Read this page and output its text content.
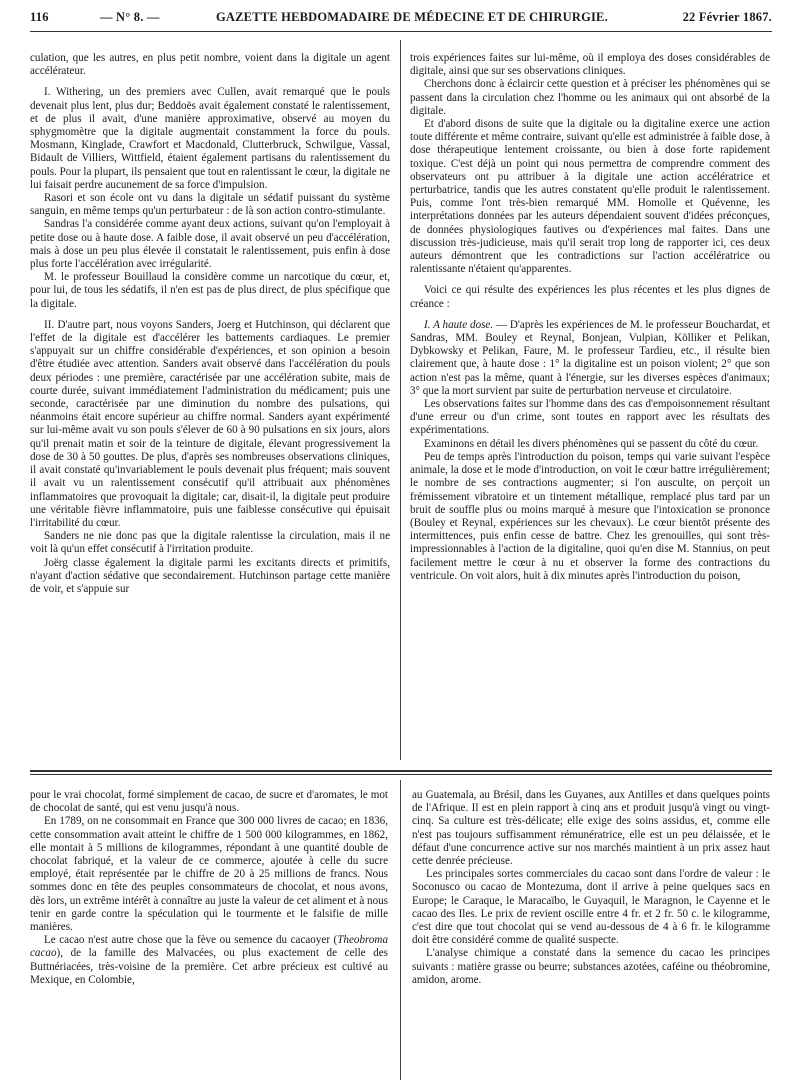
116	— N° 8. —	GAZETTE HEBDOMADAIRE DE MÉDECINE ET DE CHIRURGIE.	22 Février 1867.

culation, que les autres, en plus petit nombre, voient dans la digitale un agent accélérateur.

I. Withering, un des premiers avec Cullen, avait remarqué que le pouls devenait plus lent, plus dur; Beddoës avait également constaté le ralentissement, et de plus il avait, d'une manière approximative, observé au moyen du sphygmomètre que la digitale augmentait constamment la force du pouls. Mosmann, Kinglade, Crawfort et Macdonald, Clutterbruck, Schwilgue, Vassal, Bidault de Villiers, Wittfield, étaient également partisans du ralentissement du pouls. Pour la plupart, ils pensaient que tout en ralentissant le cœur, la digitale ne lui faisait perdre aucunement de sa force d'impulsion.

Rasori et son école ont vu dans la digitale un sédatif puissant du système sanguin, en même temps qu'un perturbateur : de là son action contro-stimulante.

Sandras l'a considérée comme ayant deux actions, suivant qu'on l'employait à petite dose ou à haute dose. A faible dose, il avait observé un peu d'accélération, mais à dose un peu plus élevée il constatait le ralentissement, puis enfin à dose plus forte l'accélération avec irrégularité.

M. le professeur Bouillaud la considère comme un narcotique du cœur, et, pour lui, de tous les sédatifs, il n'en est pas de plus direct, de plus spécifique que la digitale.

II. D'autre part, nous voyons Sanders, Joerg et Hutchinson, qui déclarent que l'effet de la digitale est d'accélérer les battements cardiaques. Le premier s'appuyait sur un chiffre considérable d'expériences, et son opinion a besoin d'être étudiée avec attention. Sanders avait observé dans l'accélération du pouls deux périodes : une première, caractérisée par une accélération subite, mais de courte durée, suivant immédiatement l'administration du médicament; puis une seconde, caractérisée par une diminution du nombre des pulsations, qui néanmoins était encore supérieur au chiffre normal. Sanders ayant expérimenté sur lui-même avait vu son pouls s'élever de 60 à 90 pulsations en six jours, alors qu'il prenait matin et soir de la teinture de digitale, élevant progressivement la dose de 30 à 50 gouttes. De plus, d'après ses nombreuses observations cliniques, il avait constaté qu'invariablement le pouls devenait plus fréquent; mais souvent il avait vu un ralentissement consécutif qu'il attribuait aux phénomènes inflammatoires que provoquait la digitale; car, disait-il, la digitale peut produire une véritable fièvre inflammatoire, puis une faiblesse consécutive qui épuisait l'irritabilité du cœur.

Sanders ne nie donc pas que la digitale ralentisse la circulation, mais il ne voit là qu'un effet consécutif à l'irritation produite.

Joërg classe également la digitale parmi les excitants directs et primitifs, n'ayant d'action sédative que secondairement. Hutchinson partage cette manière de voir, et s'appuie sur

trois expériences faites sur lui-même, où il employa des doses considérables de digitale, ainsi que sur ses observations cliniques.

Cherchons donc à éclaircir cette question et à préciser les phénomènes qui se passent dans la circulation chez l'homme ou les animaux qui ont absorbé de la digitale.

Et d'abord disons de suite que la digitale ou la digitaline exerce une action toute différente et même contraire, suivant qu'elle est administrée à faible dose, à dose thérapeutique lentement croissante, ou bien à dose forte rapidement toxique. C'est déjà un point qui nous permettra de comprendre comment des observateurs ont pu attribuer à la digitale une action accélératrice et perturbatrice, tandis que les autres constatent qu'elle produit le ralentissement. Puis, comme l'ont très-bien remarqué MM. Homolle et Quévenne, les interprétations données par les auteurs dépendaient souvent d'idées préconçues, de données physiologiques fautives ou d'expériences mal faites. Dans une discussion très-judicieuse, mais qu'il serait trop long de rapporter ici, ces deux auteurs démontrent que les contradictions sur l'action accélératrice ou ralentissante n'étaient qu'apparentes.

Voici ce qui résulte des expériences les plus récentes et les plus dignes de créance :

I. A haute dose. — D'après les expériences de M. le professeur Bouchardat, et Sandras, MM. Bouley et Reynal, Bonjean, Vulpian, Kölliker et Pelikan, Dybkowsky et Pelikan, Faure, M. le professeur Tardieu, etc., il résulte bien clairement que, à haute dose : 1° la digitaline est un poison violent; 2° que son action n'est pas la même, quant à l'énergie, sur les diverses espèces d'animaux; 3° que la mort survient par suite de perturbation nerveuse et circulatoire.

Les observations faites sur l'homme dans des cas d'empoisonnement résultant d'une erreur ou d'un crime, sont toutes en rapport avec les résultats des expérimentations.

Examinons en détail les divers phénomènes qui se passent du côté du cœur.

Peu de temps après l'introduction du poison, temps qui varie suivant l'espèce animale, la dose et le mode d'introduction, on voit le cœur battre irrégulièrement; le nombre de ses contractions augmenter; si l'on ausculte, on perçoit un frémissement vibratoire et un tintement métallique, remplacé plus tard par un bruit de souffle plus ou moins marqué à mesure que l'intoxication se prononce (Bouley et Reynal, expériences sur les chevaux). Le cœur bientôt présente des intermittences, puis enfin cesse de battre. Chez les grenouilles, qui sont très-impressionnables à l'action de la digitaline, quoi qu'en dise M. Stannius, on peut facilement mettre le cœur à nu et observer la forme des contractions du ventricule. On voit alors, huit à dix minutes après l'introduction du poison,

pour le vrai chocolat, formé simplement de cacao, de sucre et d'aromates, le mot de chocolat de santé, qui est venu jusqu'à nous.

En 1789, on ne consommait en France que 300 000 livres de cacao; en 1836, cette consommation avait atteint le chiffre de 1 500 000 kilogrammes, en 1862, elle montait à 5 millions de kilogrammes, répondant à une quantité double de chocolat fabriqué, et la valeur de ce commerce, ajoutée à celle du sucre employé, était représentée par le chiffre de 20 à 25 millions de francs. Nous sommes donc en tête des peuples consommateurs de chocolat, et nous avons, dès lors, un extrême intérêt à connaître au juste la valeur de cet aliment et à nous tenir en garde contre la spéculation qui le tourmente et le falsifie de mille manières.

Le cacao n'est autre chose que la fève ou semence du cacaoyer (Theobroma cacao), de la famille des Malvacées, ou plus exactement de celle des Buttnériacées, très-voisine de la première. Cet arbre précieux est cultivé au Mexique, en Colombie,

au Guatemala, au Brésil, dans les Guyanes, aux Antilles et dans quelques points de l'Afrique. Il est en plein rapport à cinq ans et produit jusqu'à vingt ou vingt-cinq. Sa culture est très-délicate; elle exige des soins assidus, et, comme elle n'est pas toujours suffisamment rémunératrice, elle est un peu délaissée, et le défaut d'une concurrence active sur nos marchés maintient à un prix assez haut cette denrée précieuse.

Les principales sortes commerciales du cacao sont dans l'ordre de valeur : le Soconusco ou cacao de Montezuma, dont il arrive à peine quelques sacs en Europe; le Caraque, le Maracaïbo, le Guyaquil, le Maragnon, le Cayenne et le cacao des Iles. Le prix de revient oscille entre 4 fr. et 2 fr. 50 c. le kilogramme, c'est dire que tout chocolat qui se vend au-dessous de 4 à 6 fr. le kilogramme doit être considéré comme de qualité suspecte.

L'analyse chimique a constaté dans la semence du cacao les principes suivants : matière grasse ou beurre; substances azotées, caféine ou théobromine, amidon, arome.
